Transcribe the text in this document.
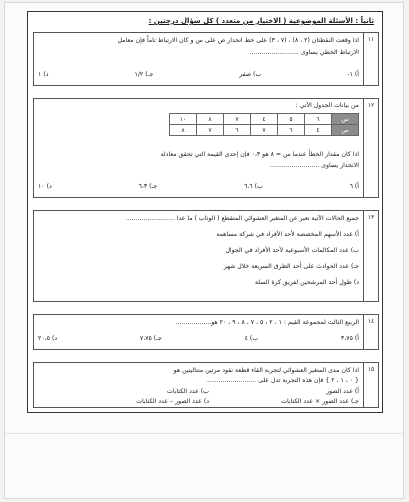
ثانياً : الأسئلة الموضوعية ( الاختيار من متعدد ) كل سؤال درجتين :
١١
اذا وقعت النقطتان (٢ ، ٨) ، (٧ ، ٣) على خط انحدار ص على س و كان الارتباط تاماً فإن معامل
الارتباط الخطي يساوى .........................
أ) ١-
ب) صفر
جـ) ١/٢
د) ١
١٢
من بيانات الجدول الآتي :
س	٦	٥	٤	٧	٨	١٠
ص	٤	٦	٧	٦	٧	٨
اذا كان مقدار الخطأ عندما س = ٨ هو ٠،٣ فإن إحدى القيمة التي تحقق معادلة
الانحدار يساوى .........................
أ) ٦
ب) ٦،٦
جـ) ٦،٣
د) ١٠
١٣
جميع الحالات الآتية تعبر عن المتغير العشوائي المتقطع ( الوثاب ) ما عدا .........................
أ) عدد الأسهم المخصصة لأحد الأفراد في شركة مساهمة
ب) عدد المكالمات الأسبوعية لأحد الأفراد في الجوال
جـ) عدد الحوادث على أحد الطرق السريعة خلال شهر
د) طول أحد المرشحين لفريق كرة السلة
١٤
الربيع الثالث لمجموعة القيم : ١ ، ٢ ، ٥ ، ٧ ، ٨ ، ٩ ، ٢٠ هو..................
أ) ٣،٧٥
ب) ٤
جـ) ٧،٧٥
د) ٢٠،٥
١٥
اذا كان مدى المتغير العشوائي لتجربة القاء قطعة نقود مرتين متتاليتين هو
{ ٠ ، ١ ، ٢ } فإن هذه التجربة تدل على .........................
أ) عدد الصور
ب) عدد الكتابات
جـ) عدد الصور × عدد الكتابات
د) عدد الصور – عدد الكتابات
